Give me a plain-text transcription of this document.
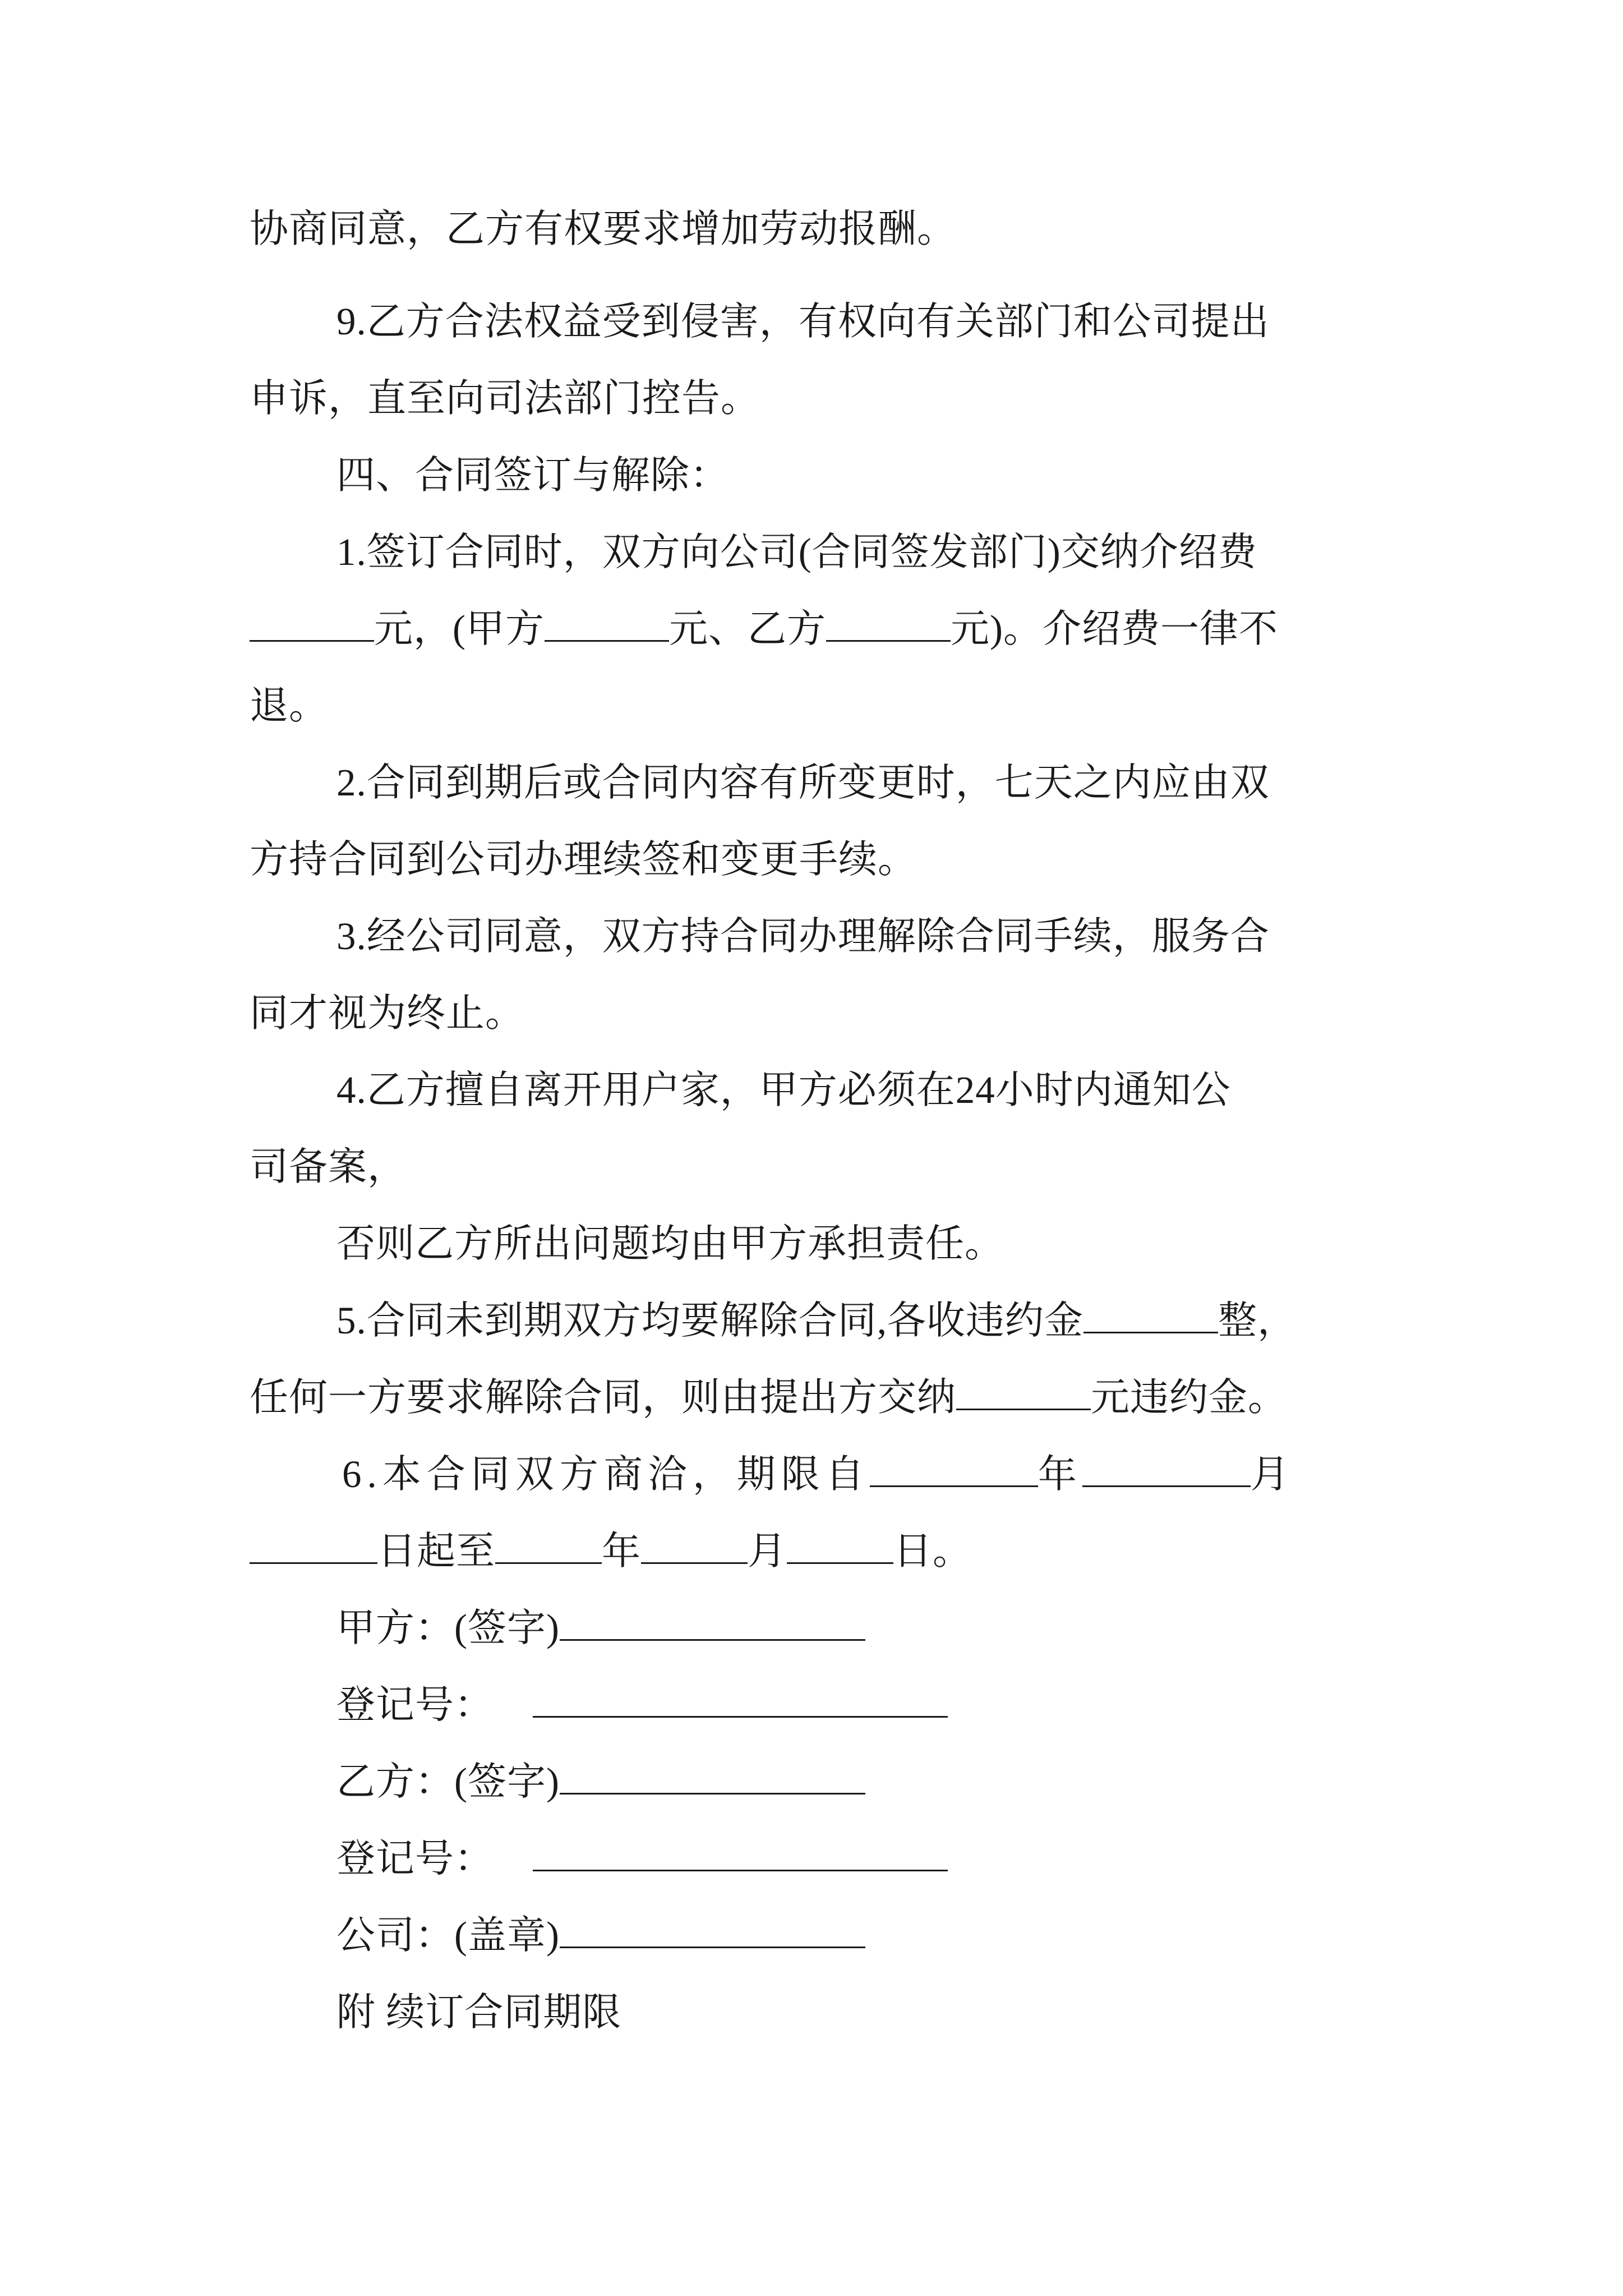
协商同意，乙方有权要求增加劳动报酬。
9.乙方合法权益受到侵害，有权向有关部门和公司提出
申诉，直至向司法部门控告。
四、合同签订与解除：
1.签订合同时，双方向公司(合同签发部门)交纳介绍费
元，(甲方	元、乙方	元)。介绍费一律不
退。
2.合同到期后或合同内容有所变更时，七天之内应由双
方持合同到公司办理续签和变更手续。
3.经公司同意，双方持合同办理解除合同手续，服务合
同才视为终止。
4.乙方擅自离开用户家，甲方必须在24小时内通知公
司备案，
否则乙方所出问题均由甲方承担责任。
5.合同未到期双方均要解除合同,各收违约金	整，
任何一方要求解除合同，则由提出方交纳	元违约金。
6.本合同双方商洽，期限自	年	月
日起至	年	月	日。
甲方：(签字)
登记号：
乙方：(签字)
登记号：
公司：(盖章)
附 续订合同期限
